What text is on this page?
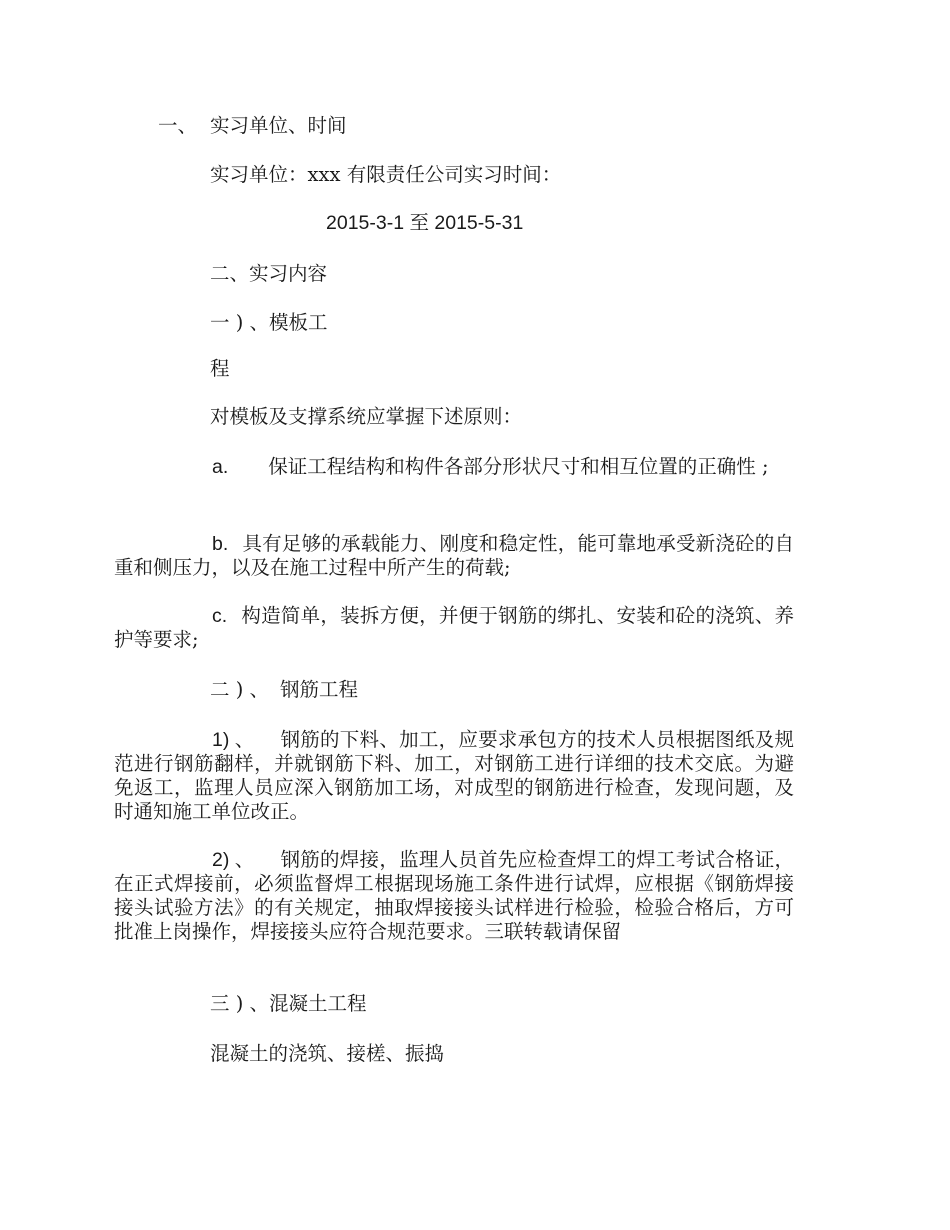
一、 实习单位、时间
实习单位：xxx 有限责任公司实习时间：
2015-3-1 至 2015-5-31
二、实习内容
一 ) 、模板工
程
对模板及支撑系统应掌握下述原则：
a. 保证工程结构和构件各部分形状尺寸和相互位置的正确性 ;
b. 具有足够的承载能力、刚度和稳定性，能可靠地承受新浇砼的自重和侧压力，以及在施工过程中所产生的荷载;
c. 构造简单，装拆方便，并便于钢筋的绑扎、安装和砼的浇筑、养护等要求;
二 ) 、 钢筋工程
1) 、 钢筋的下料、加工，应要求承包方的技术人员根据图纸及规范进行钢筋翻样，并就钢筋下料、加工，对钢筋工进行详细的技术交底。为避免返工，监理人员应深入钢筋加工场，对成型的钢筋进行检查，发现问题，及时通知施工单位改正。
2) 、 钢筋的焊接，监理人员首先应检查焊工的焊工考试合格证，在正式焊接前，必须监督焊工根据现场施工条件进行试焊，应根据《钢筋焊接接头试验方法》的有关规定，抽取焊接接头试样进行检验，检验合格后，方可批准上岗操作，焊接接头应符合规范要求。三联转载请保留
三 ) 、混凝土工程
混凝土的浇筑、接槎、振捣
